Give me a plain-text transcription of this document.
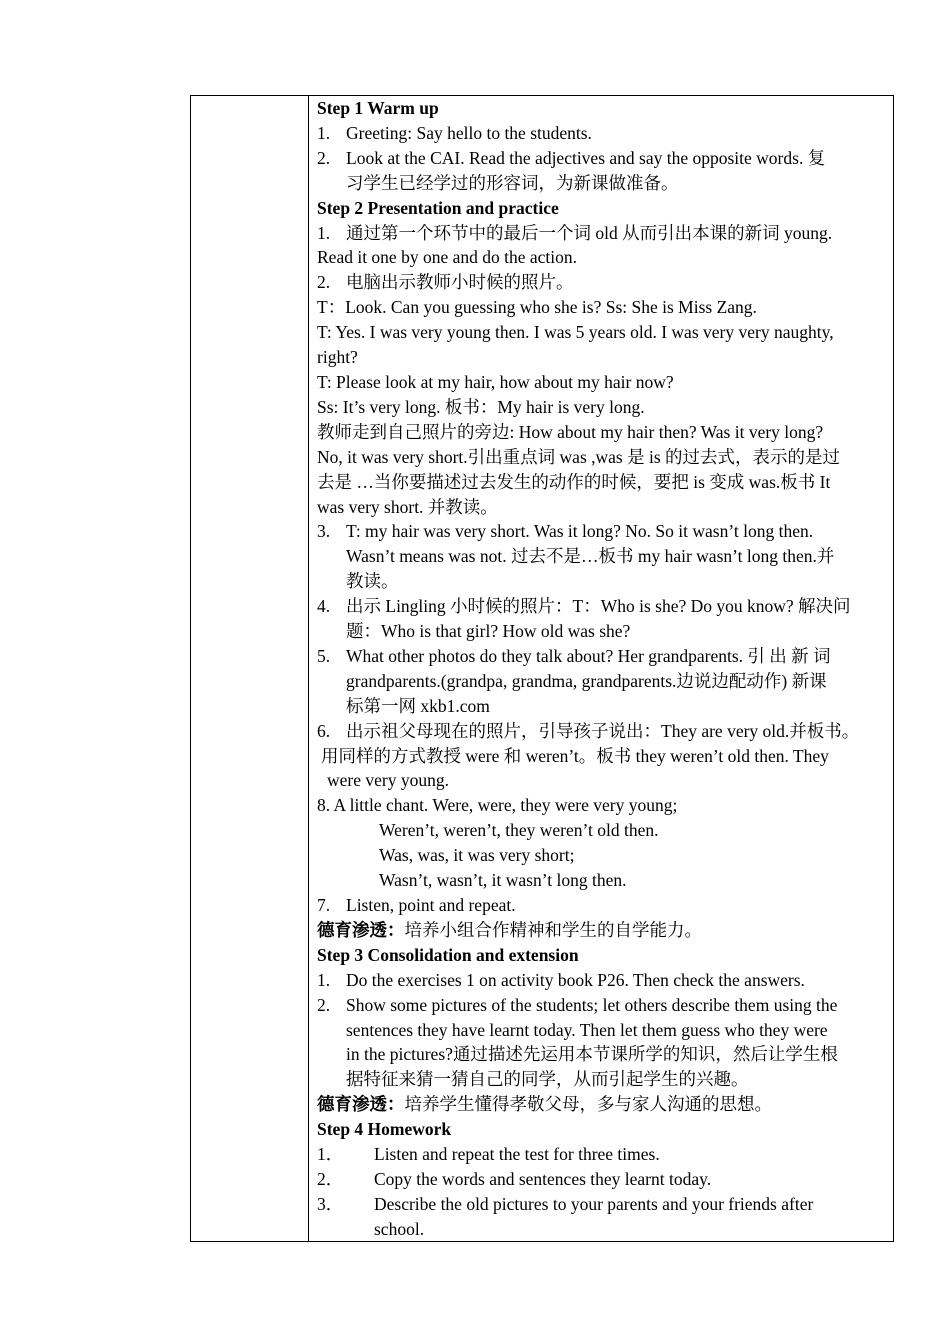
Step 1 Warm up

1. Greeting: Say hello to the students.

2. Look at the CAI. Read the adjectives and say the opposite words. 复

习学生已经学过的形容词，为新课做准备。

Step 2 Presentation and practice

1. 通过第一个环节中的最后一个词 old 从而引出本课的新词 young.

Read it one by one and do the action.

2. 电脑出示教师小时候的照片。

T：Look. Can you guessing who she is? Ss: She is Miss Zang.

T: Yes. I was very young then. I was 5 years old. I was very very naughty,

right?

T: Please look at my hair, how about my hair now?

Ss: It’s very long. 板书：My hair is very long.

教师走到自己照片的旁边: How about my hair then? Was it very long?

No, it was very short.引出重点词 was ,was 是 is 的过去式，表示的是过

去是 …当你要描述过去发生的动作的时候，要把 is 变成 was.板书 It

was very short. 并教读。

3. T: my hair was very short. Was it long? No. So it wasn’t long then.

Wasn’t means was not. 过去不是…板书 my hair wasn’t long then.并

教读。

4. 出示 Lingling 小时候的照片：T：Who is she? Do you know? 解决问

题：Who is that girl? How old was she?

5. What other photos do they talk about? Her grandparents. 引 出 新 词

grandparents.(grandpa, grandma, grandparents.边说边配动作) 新课

标第一网 xkb1.com

6. 出示祖父母现在的照片，引导孩子说出：They are very old.并板书。

用同样的方式教授 were 和 weren’t。板书 they weren’t old then. They

were very young.

8. A little chant. Were, were, they were very young;

Weren’t, weren’t, they weren’t old then.

Was, was, it was very short;

Wasn’t, wasn’t, it wasn’t long then.

7. Listen, point and repeat.

德育渗透：培养小组合作精神和学生的自学能力。

Step 3 Consolidation and extension

1. Do the exercises 1 on activity book P26. Then check the answers.

2. Show some pictures of the students; let others describe them using the

sentences they have learnt today. Then let them guess who they were

in the pictures?通过描述先运用本节课所学的知识，然后让学生根

据特征来猜一猜自己的同学，从而引起学生的兴趣。

德育渗透：培养学生懂得孝敬父母，多与家人沟通的思想。

Step 4 Homework

1． Listen and repeat the test for three times.

2． Copy the words and sentences they learnt today.

3． Describe the old pictures to your parents and your friends after

school.
